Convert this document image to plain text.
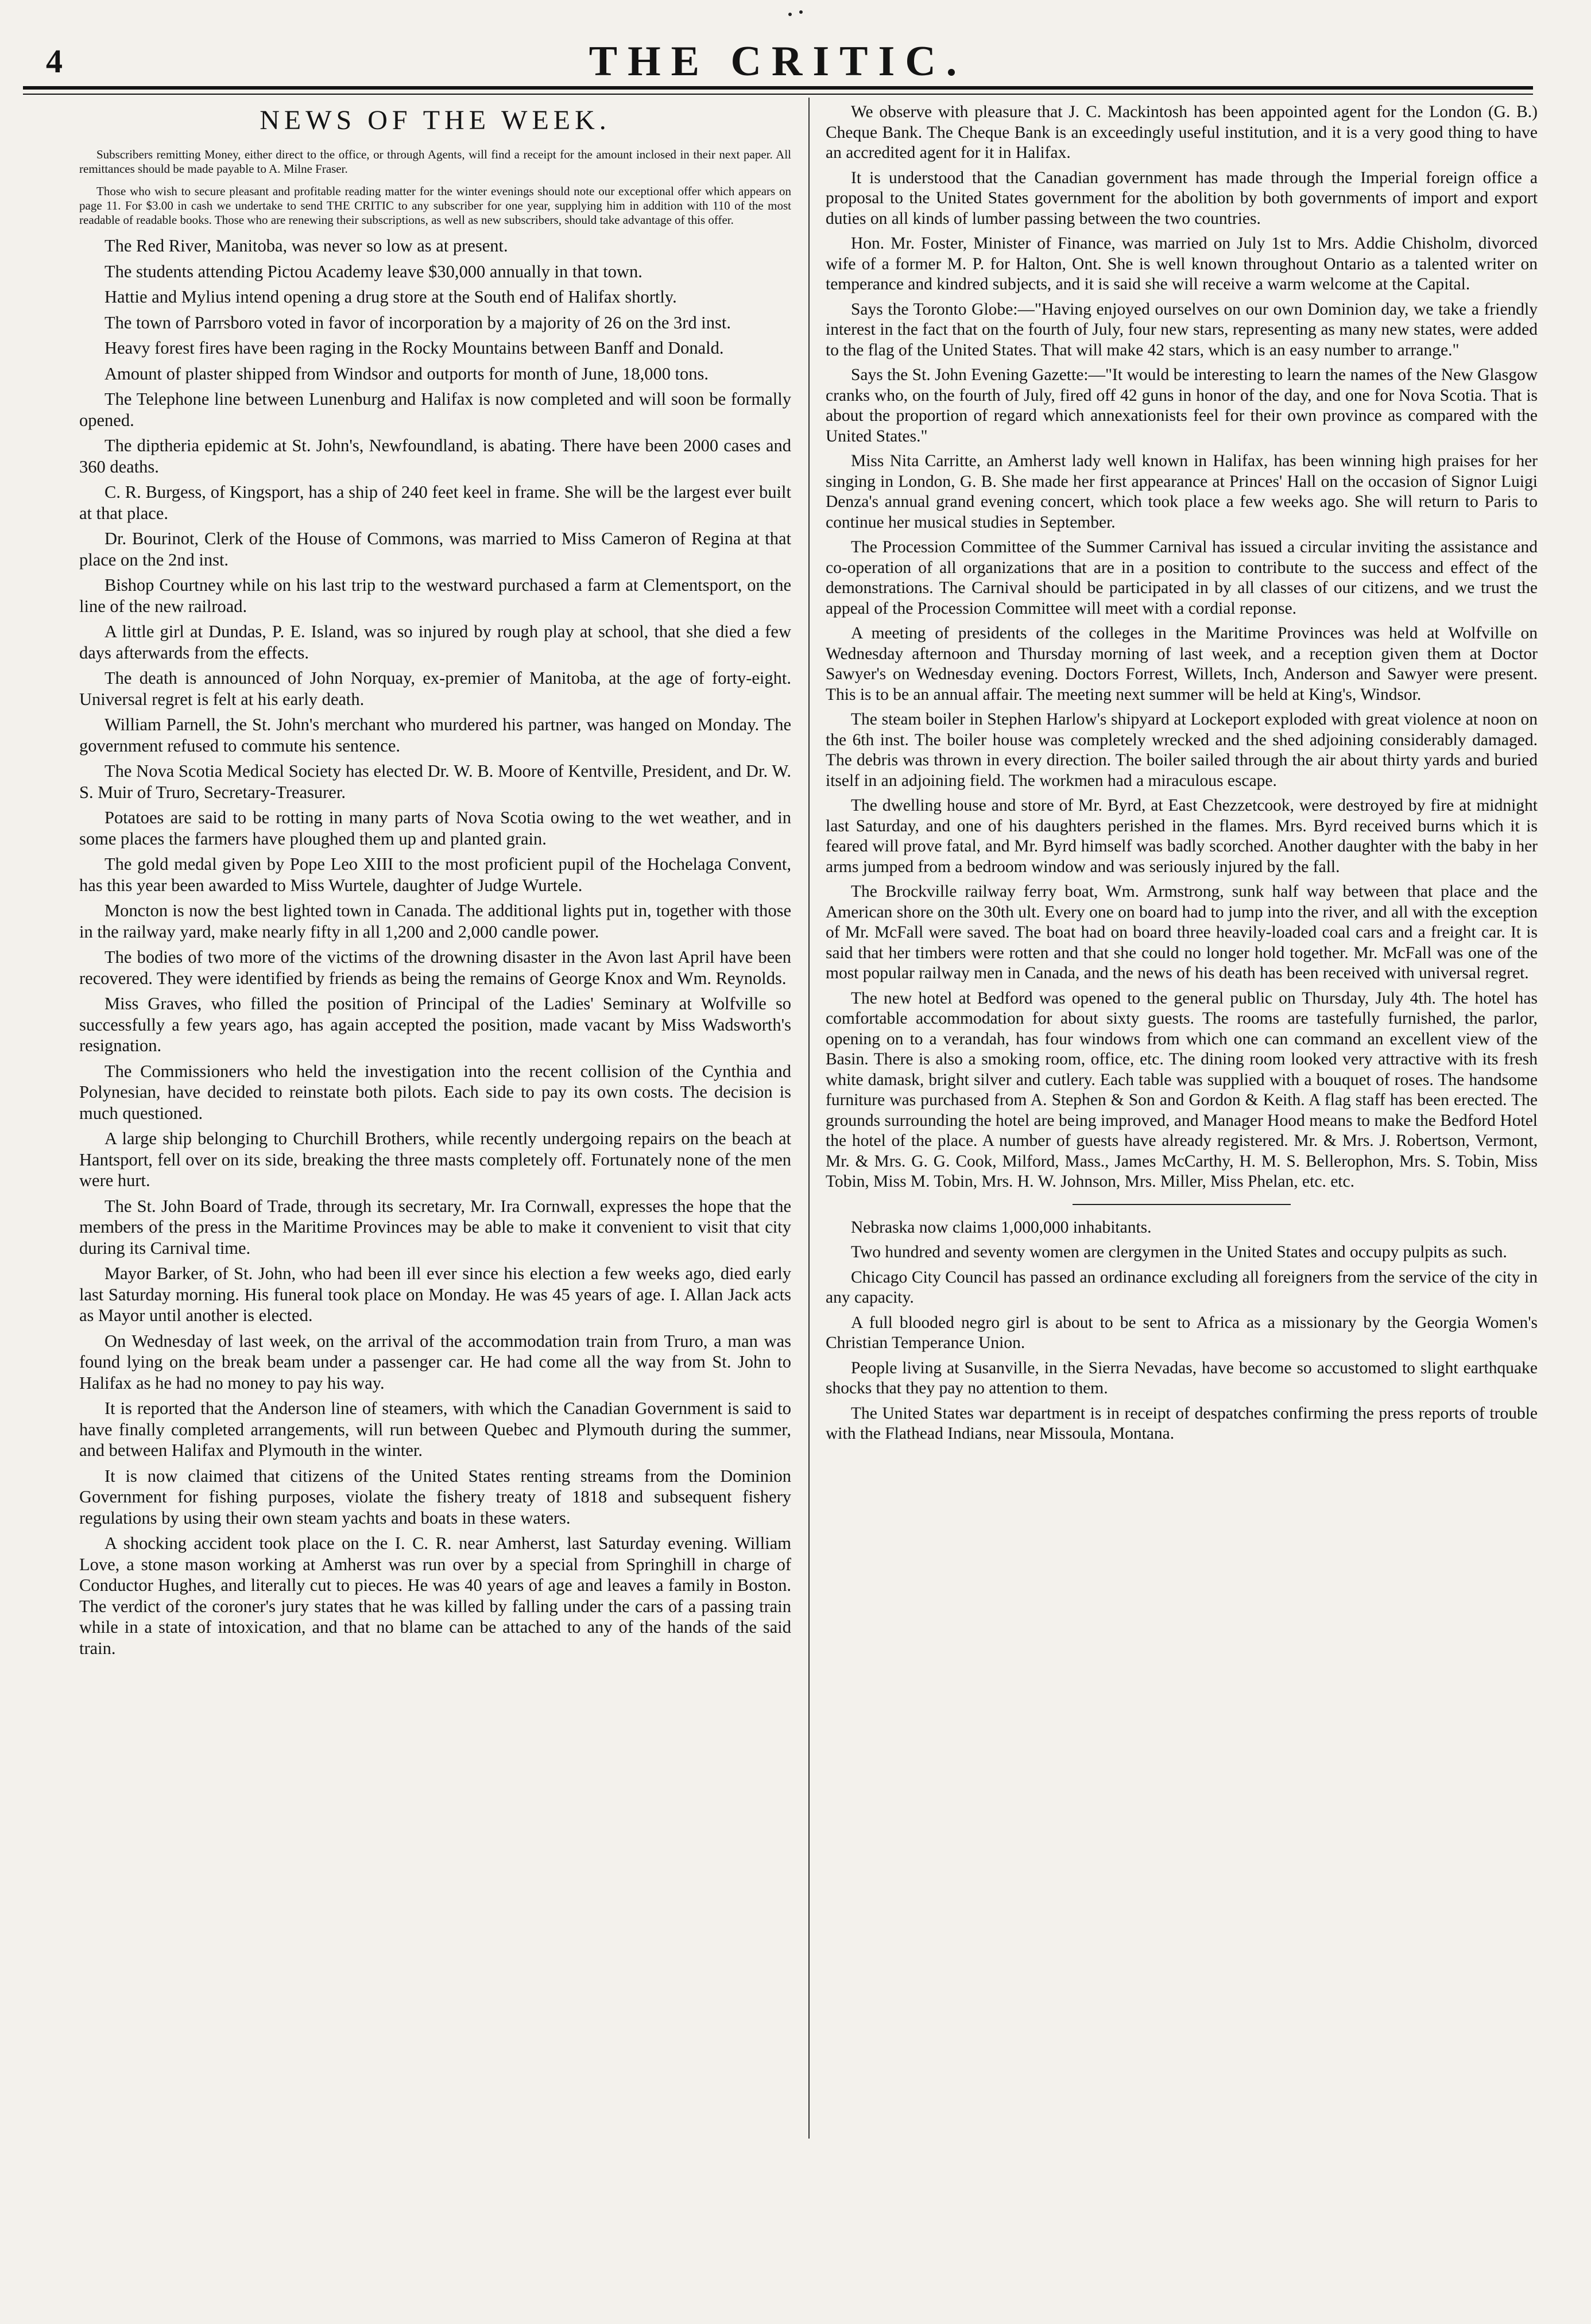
4	THE CRITIC.
NEWS OF THE WEEK.

Subscribers remitting Money, either direct to the office, or through Agents, will find a receipt for the amount inclosed in their next paper. All remittances should be made payable to A. Milne Fraser.

Those who wish to secure pleasant and profitable reading matter for the winter evenings should note our exceptional offer which appears on page 11. For $3.00 in cash we undertake to send THE CRITIC to any subscriber for one year, supplying him in addition with 110 of the most readable of readable books. Those who are renewing their subscriptions, as well as new subscribers, should take advantage of this offer.

The Red River, Manitoba, was never so low as at present.

The students attending Pictou Academy leave $30,000 annually in that town.

Hattie and Mylius intend opening a drug store at the South end of Halifax shortly.

The town of Parrsboro voted in favor of incorporation by a majority of 26 on the 3rd inst.

Heavy forest fires have been raging in the Rocky Mountains between Banff and Donald.

Amount of plaster shipped from Windsor and outports for month of June, 18,000 tons.

The Telephone line between Lunenburg and Halifax is now completed and will soon be formally opened.

The diptheria epidemic at St. John's, Newfoundland, is abating. There have been 2000 cases and 360 deaths.

C. R. Burgess, of Kingsport, has a ship of 240 feet keel in frame. She will be the largest ever built at that place.

Dr. Bourinot, Clerk of the House of Commons, was married to Miss Cameron of Regina at that place on the 2nd inst.

Bishop Courtney while on his last trip to the westward purchased a farm at Clementsport, on the line of the new railroad.

A little girl at Dundas, P. E. Island, was so injured by rough play at school, that she died a few days afterwards from the effects.

The death is announced of John Norquay, ex-premier of Manitoba, at the age of forty-eight. Universal regret is felt at his early death.

William Parnell, the St. John's merchant who murdered his partner, was hanged on Monday. The government refused to commute his sentence.

The Nova Scotia Medical Society has elected Dr. W. B. Moore of Kentville, President, and Dr. W. S. Muir of Truro, Secretary-Treasurer.

Potatoes are said to be rotting in many parts of Nova Scotia owing to the wet weather, and in some places the farmers have ploughed them up and planted grain.

The gold medal given by Pope Leo XIII to the most proficient pupil of the Hochelaga Convent, has this year been awarded to Miss Wurtele, daughter of Judge Wurtele.

Moncton is now the best lighted town in Canada. The additional lights put in, together with those in the railway yard, make nearly fifty in all 1,200 and 2,000 candle power.

The bodies of two more of the victims of the drowning disaster in the Avon last April have been recovered. They were identified by friends as being the remains of George Knox and Wm. Reynolds.

Miss Graves, who filled the position of Principal of the Ladies' Seminary at Wolfville so successfully a few years ago, has again accepted the position, made vacant by Miss Wadsworth's resignation.

The Commissioners who held the investigation into the recent collision of the Cynthia and Polynesian, have decided to reinstate both pilots. Each side to pay its own costs. The decision is much questioned.

A large ship belonging to Churchill Brothers, while recently undergoing repairs on the beach at Hantsport, fell over on its side, breaking the three masts completely off. Fortunately none of the men were hurt.

The St. John Board of Trade, through its secretary, Mr. Ira Cornwall, expresses the hope that the members of the press in the Maritime Provinces may be able to make it convenient to visit that city during its Carnival time.

Mayor Barker, of St. John, who had been ill ever since his election a few weeks ago, died early last Saturday morning. His funeral took place on Monday. He was 45 years of age. I. Allan Jack acts as Mayor until another is elected.

On Wednesday of last week, on the arrival of the accommodation train from Truro, a man was found lying on the break beam under a passenger car. He had come all the way from St. John to Halifax as he had no money to pay his way.

It is reported that the Anderson line of steamers, with which the Canadian Government is said to have finally completed arrangements, will run between Quebec and Plymouth during the summer, and between Halifax and Plymouth in the winter.

It is now claimed that citizens of the United States renting streams from the Dominion Government for fishing purposes, violate the fishery treaty of 1818 and subsequent fishery regulations by using their own steam yachts and boats in these waters.

A shocking accident took place on the I. C. R. near Amherst, last Saturday evening. William Love, a stone mason working at Amherst was run over by a special from Springhill in charge of Conductor Hughes, and literally cut to pieces. He was 40 years of age and leaves a family in Boston. The verdict of the coroner's jury states that he was killed by falling under the cars of a passing train while in a state of intoxication, and that no blame can be attached to any of the hands of the said train.

We observe with pleasure that J. C. Mackintosh has been appointed agent for the London (G. B.) Cheque Bank. The Cheque Bank is an exceedingly useful institution, and it is a very good thing to have an accredited agent for it in Halifax.

It is understood that the Canadian government has made through the Imperial foreign office a proposal to the United States government for the abolition by both governments of import and export duties on all kinds of lumber passing between the two countries.

Hon. Mr. Foster, Minister of Finance, was married on July 1st to Mrs. Addie Chisholm, divorced wife of a former M. P. for Halton, Ont. She is well known throughout Ontario as a talented writer on temperance and kindred subjects, and it is said she will receive a warm welcome at the Capital.

Says the Toronto Globe:—"Having enjoyed ourselves on our own Dominion day, we take a friendly interest in the fact that on the fourth of July, four new stars, representing as many new states, were added to the flag of the United States. That will make 42 stars, which is an easy number to arrange."

Says the St. John Evening Gazette:—"It would be interesting to learn the names of the New Glasgow cranks who, on the fourth of July, fired off 42 guns in honor of the day, and one for Nova Scotia. That is about the proportion of regard which annexationists feel for their own province as compared with the United States."

Miss Nita Carritte, an Amherst lady well known in Halifax, has been winning high praises for her singing in London, G. B. She made her first appearance at Princes' Hall on the occasion of Signor Luigi Denza's annual grand evening concert, which took place a few weeks ago. She will return to Paris to continue her musical studies in September.

The Procession Committee of the Summer Carnival has issued a circular inviting the assistance and co-operation of all organizations that are in a position to contribute to the success and effect of the demonstrations. The Carnival should be participated in by all classes of our citizens, and we trust the appeal of the Procession Committee will meet with a cordial reponse.

A meeting of presidents of the colleges in the Maritime Provinces was held at Wolfville on Wednesday afternoon and Thursday morning of last week, and a reception given them at Doctor Sawyer's on Wednesday evening. Doctors Forrest, Willets, Inch, Anderson and Sawyer were present. This is to be an annual affair. The meeting next summer will be held at King's, Windsor.

The steam boiler in Stephen Harlow's shipyard at Lockeport exploded with great violence at noon on the 6th inst. The boiler house was completely wrecked and the shed adjoining considerably damaged. The debris was thrown in every direction. The boiler sailed through the air about thirty yards and buried itself in an adjoining field. The workmen had a miraculous escape.

The dwelling house and store of Mr. Byrd, at East Chezzetcook, were destroyed by fire at midnight last Saturday, and one of his daughters perished in the flames. Mrs. Byrd received burns which it is feared will prove fatal, and Mr. Byrd himself was badly scorched. Another daughter with the baby in her arms jumped from a bedroom window and was seriously injured by the fall.

The Brockville railway ferry boat, Wm. Armstrong, sunk half way between that place and the American shore on the 30th ult. Every one on board had to jump into the river, and all with the exception of Mr. McFall were saved. The boat had on board three heavily-loaded coal cars and a freight car. It is said that her timbers were rotten and that she could no longer hold together. Mr. McFall was one of the most popular railway men in Canada, and the news of his death has been received with universal regret.

The new hotel at Bedford was opened to the general public on Thursday, July 4th. The hotel has comfortable accommodation for about sixty guests. The rooms are tastefully furnished, the parlor, opening on to a verandah, has four windows from which one can command an excellent view of the Basin. There is also a smoking room, office, etc. The dining room looked very attractive with its fresh white damask, bright silver and cutlery. Each table was supplied with a bouquet of roses. The handsome furniture was purchased from A. Stephen & Son and Gordon & Keith. A flag staff has been erected. The grounds surrounding the hotel are being improved, and Manager Hood means to make the Bedford Hotel the hotel of the place. A number of guests have already registered. Mr. & Mrs. J. Robertson, Vermont, Mr. & Mrs. G. G. Cook, Milford, Mass., James McCarthy, H. M. S. Bellerophon, Mrs. S. Tobin, Miss Tobin, Miss M. Tobin, Mrs. H. W. Johnson, Mrs. Miller, Miss Phelan, etc. etc.

Nebraska now claims 1,000,000 inhabitants.

Two hundred and seventy women are clergymen in the United States and occupy pulpits as such.

Chicago City Council has passed an ordinance excluding all foreigners from the service of the city in any capacity.

A full blooded negro girl is about to be sent to Africa as a missionary by the Georgia Women's Christian Temperance Union.

People living at Susanville, in the Sierra Nevadas, have become so accustomed to slight earthquake shocks that they pay no attention to them.

The United States war department is in receipt of despatches confirming the press reports of trouble with the Flathead Indians, near Missoula, Montana.
